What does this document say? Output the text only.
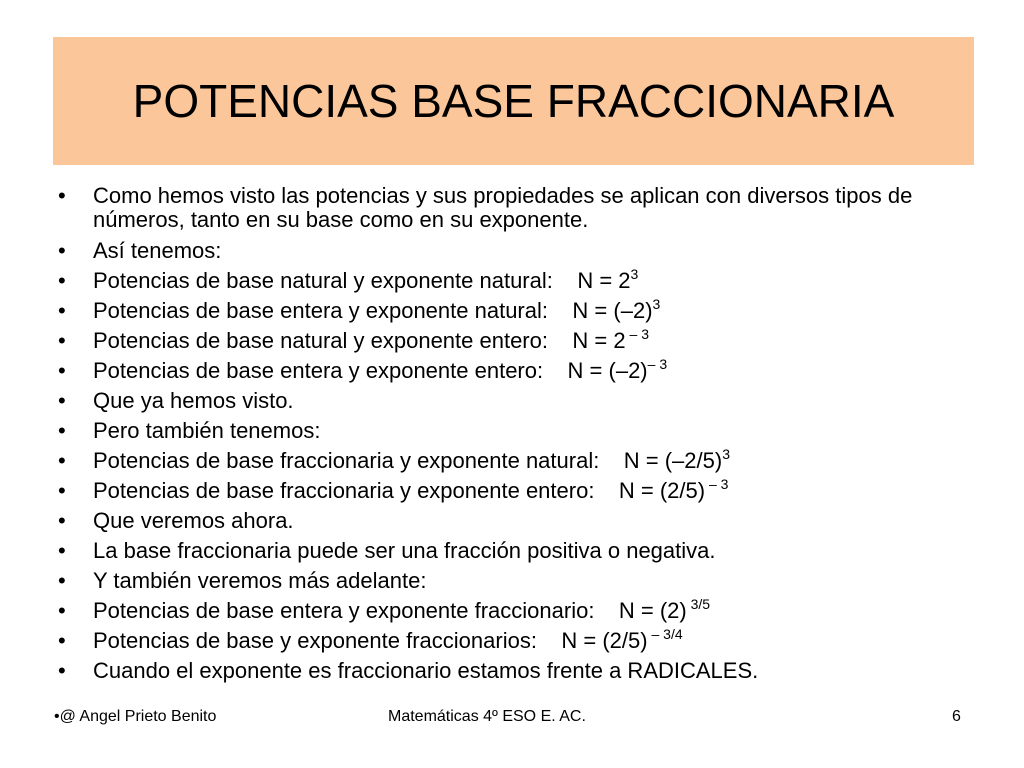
POTENCIAS BASE FRACCIONARIA
•	Como hemos visto las potencias y sus propiedades se aplican con diversos tipos de números, tanto en su base como en su exponente.
•	Así tenemos:
•	Potencias de base natural y exponente natural:    $N = 2^3$
•	Potencias de base entera y exponente natural:    $N = (-2)^3$
•	Potencias de base natural y exponente entero:    N = 2 $^{- 3}$
•	Potencias de base entera y exponente entero:    $N = (-2)^{- 3}$
•	Que ya hemos visto.
•	Pero también tenemos:
•	Potencias de base fraccionaria y exponente natural:    $N = (-2/5)^3$
•	Potencias de base fraccionaria y exponente entero:    N = (2/5) $^{- 3}$
•	Que veremos ahora.
•	La base fraccionaria puede ser una fracción positiva o negativa.
•	Y también veremos más adelante:
•	Potencias de base entera y exponente fraccionario:    N = (2) $^{3/5}$
•	Potencias de base y exponente fraccionarios:    N = (2/5) $^{- 3/4}$
•	Cuando el exponente es fraccionario estamos frente a RADICALES.
•@ Angel Prieto Benito	Matemáticas 4º ESO E. AC.	6
